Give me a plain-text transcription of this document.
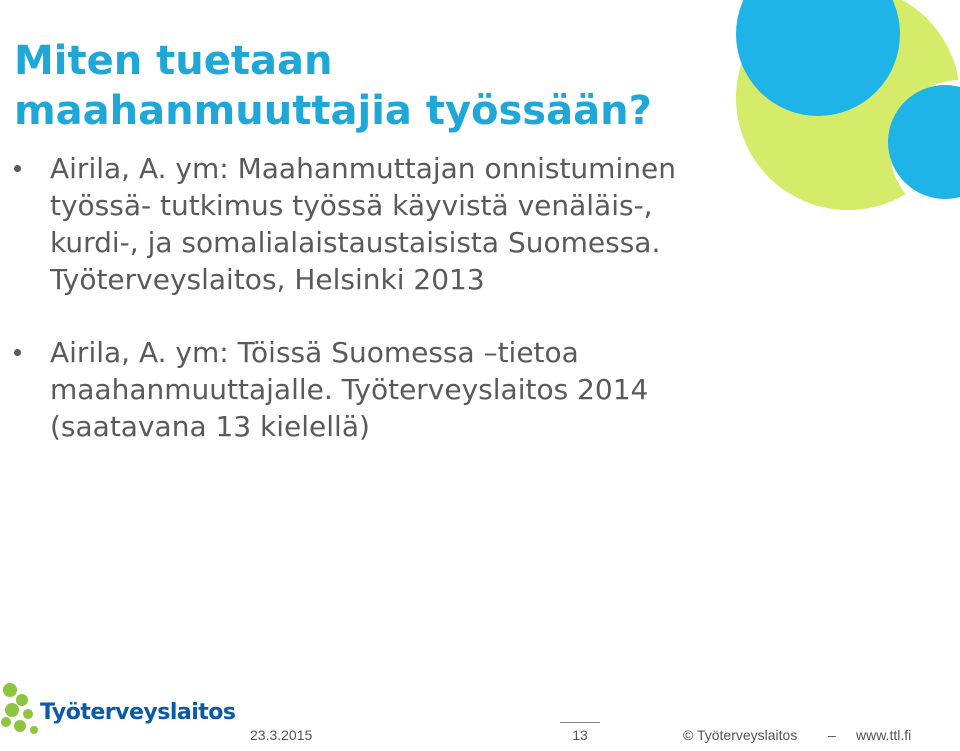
Miten tuetaan
maahanmuuttajia työssään?
Airila, A. ym: Maahanmuttajan onnistuminen työssä- tutkimus työssä käyvistä venäläis-, kurdi-, ja somalialaistaustaisista Suomessa. Työterveyslaitos, Helsinki 2013
Airila, A. ym: Töissä Suomessa –tietoa maahanmuuttajalle. Työterveyslaitos 2014 (saatavana 13 kielellä)
Työterveyslaitos
23.3.2015	13	© Työterveyslaitos – www.ttl.fi
